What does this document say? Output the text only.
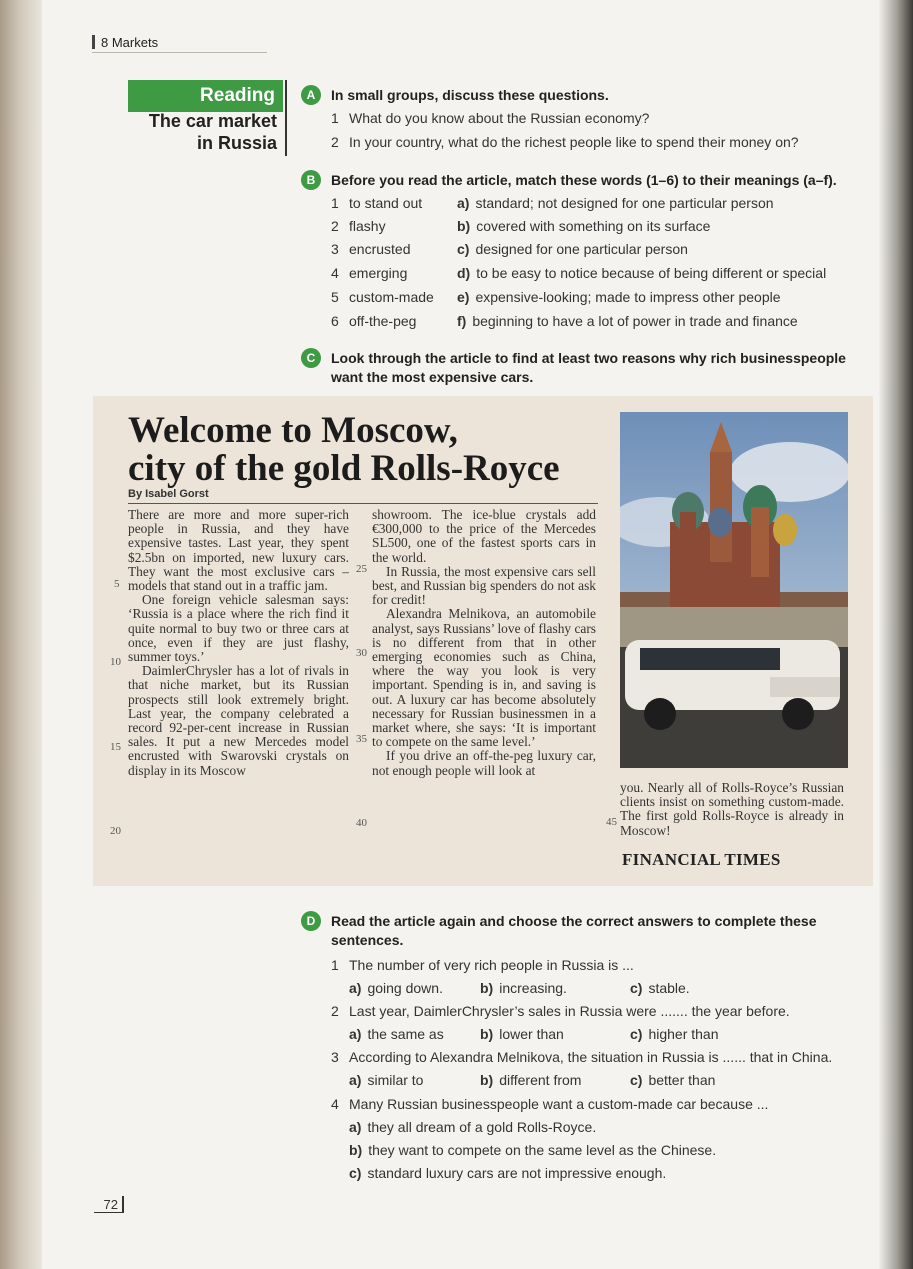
8 Markets
Reading
The car market
in Russia
A	In small groups, discuss these questions.
1 What do you know about the Russian economy?
2 In your country, what do the richest people like to spend their money on?
B	Before you read the article, match these words (1–6) to their meanings (a–f).
1 to stand out a) standard; not designed for one particular person
2 flashy	b) covered with something on its surface
3 encrusted	c) designed for one particular person
4 emerging	d) to be easy to notice because of being different or special
5 custom-made e) expensive-looking; made to impress other people
6 off-the-peg	f) beginning to have a lot of power in trade and finance
C	Look through the article to find at least two reasons why rich businesspeople
want the most expensive cars.
Welcome to Moscow,
city of the gold Rolls-Royce
By Isabel Gorst

There are more and more super-rich people in Russia, and they have expensive tastes. Last year, they spent $2.5bn on imported, new luxury cars. They want the most exclusive cars – models that stand out in a traffic jam.

One foreign vehicle salesman says: ‘Russia is a place where the rich find it quite normal to buy two or three cars at once, even if they are just flashy, summer toys.’

DaimlerChrysler has a lot of rivals in that niche market, but its Russian prospects still look extremely bright. Last year, the company celebrated a record 92-per-cent increase in Russian sales. It put a new Mercedes model encrusted with Swarovski crystals on display in its Moscow

showroom. The ice-blue crystals add €300,000 to the price of the Mercedes SL500, one of the fastest sports cars in the world.

In Russia, the most expensive cars sell best, and Russian big spenders do not ask for credit!

Alexandra Melnikova, an automobile analyst, says Russians’ love of flashy cars is no different from that in other emerging economies such as China, where the way you look is very important. Spending is in, and saving is out. A luxury car has become absolutely necessary for Russian businessmen in a market where, she says: ‘It is important to compete on the same level.’

If you drive an off-the-peg luxury car, not enough people will look at

5
10
15
20
25
30
35
40	45

you. Nearly all of Rolls-Royce’s Russian clients insist on something custom-made. The first gold Rolls-Royce is already in Moscow!

FINANCIAL TIMES
D	Read the article again and choose the correct answers to complete these
sentences.
1 The number of very rich people in Russia is ...
a) going down.	b) increasing.	c) stable.
2 Last year, DaimlerChrysler’s sales in Russia were ....... the year before.
a) the same as	b) lower than	c) higher than
3 According to Alexandra Melnikova, the situation in Russia is ...... that in China.
a) similar to	b) different from	c) better than
4 Many Russian businesspeople want a custom-made car because ...
a) they all dream of a gold Rolls-Royce.
b) they want to compete on the same level as the Chinese.
c) standard luxury cars are not impressive enough.
72
